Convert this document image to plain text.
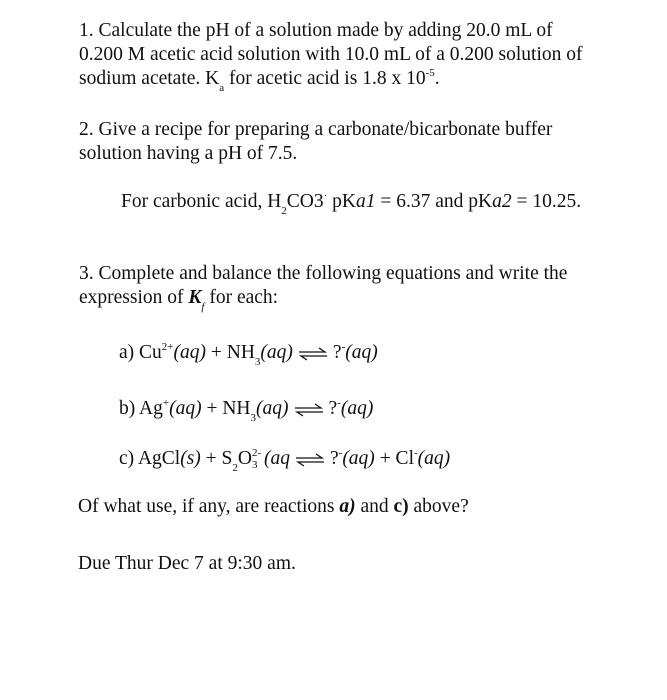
1. Calculate the pH of a solution made by adding 20.0 mL of
0.200 M acetic acid solution with 10.0 mL of a 0.200 solution of
sodium acetate. $K_a$ for acetic acid is 1.8 x $10^{-5}$.
2. Give a recipe for preparing a carbonate/bicarbonate buffer
solution having a pH of 7.5.
For carbonic acid, $H_2CO3^\cdot$ pKa1 = 6.37 and pKa2 = 10.25.
3. Complete and balance the following equations and write the
expression of $K_f$ for each:
a) $Cu^{2+}(aq) + NH_3(aq)$ ⇌ ?-(aq)
b) $Ag^+(aq) + NH_3(aq)$ ⇌ ?-(aq)
c) AgCl(s) + $S_2O$ 3
2- (aq ⇌ ?-(aq) + Cl-(aq)
Of what use, if any, are reactions a) and c) above?
Due Thur Dec 7 at 9:30 am.
